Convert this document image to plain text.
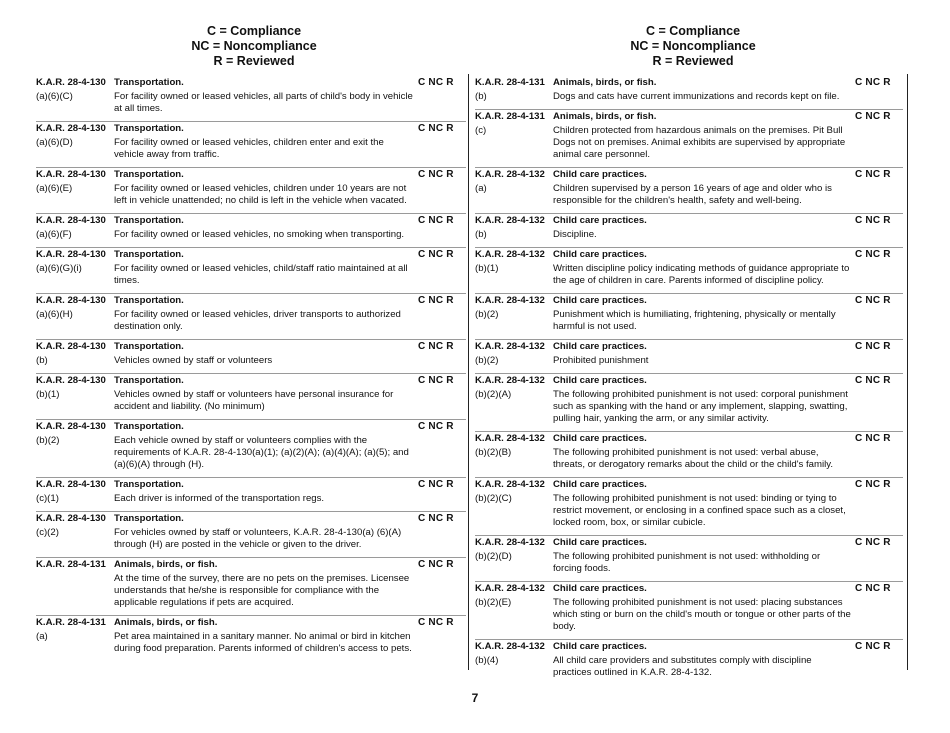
C = Compliance
NC = Noncompliance
R = Reviewed
C = Compliance
NC = Noncompliance
R = Reviewed
K.A.R. 28-4-130 Transportation.	C NC R
(a)(6)(C)	For facility owned or leased vehicles, all parts of child's body in vehicle at all times.
K.A.R. 28-4-130 Transportation.	C NC R
(a)(6)(D)	For facility owned or leased vehicles, children enter and exit the vehicle away from traffic.
K.A.R. 28-4-130 Transportation.	C NC R
(a)(6)(E)	For facility owned or leased vehicles, children under 10 years are not left in vehicle unattended; no child is left in the vehicle when vacated.
K.A.R. 28-4-130 Transportation.	C NC R
(a)(6)(F)	For facility owned or leased vehicles, no smoking when transporting.
K.A.R. 28-4-130 Transportation.	C NC R
(a)(6)(G)(i)	For facility owned or leased vehicles, child/staff ratio maintained at all times.
K.A.R. 28-4-130 Transportation.	C NC R
(a)(6)(H)	For facility owned or leased vehicles, driver transports to authorized destination only.
K.A.R. 28-4-130 Transportation.	C NC R
(b)	Vehicles owned by staff or volunteers
K.A.R. 28-4-130 Transportation.	C NC R
(b)(1)	Vehicles owned by staff or volunteers have personal insurance for accident and liability. (No minimum)
K.A.R. 28-4-130 Transportation.	C NC R
(b)(2)	Each vehicle owned by staff or volunteers complies with the requirements of K.A.R. 28-4-130(a)(1); (a)(2)(A); (a)(4)(A); (a)(5); and (a)(6)(A) through (H).
K.A.R. 28-4-130 Transportation.	C NC R
(c)(1)	Each driver is informed of the transportation regs.
K.A.R. 28-4-130 Transportation.	C NC R
(c)(2)	For vehicles owned by staff or volunteers, K.A.R. 28-4-130(a) (6)(A) through (H) are posted in the vehicle or given to the driver.
K.A.R. 28-4-131 Animals, birds, or fish.	C NC R
At the time of the survey, there are no pets on the premises. Licensee understands that he/she is responsible for compliance with the applicable regulations if pets are acquired.
K.A.R. 28-4-131 Animals, birds, or fish.	C NC R
(a)	Pet area maintained in a sanitary manner. No animal or bird in kitchen during food preparation. Parents informed of children's access to pets.
K.A.R. 28-4-131 Animals, birds, or fish.	C NC R
(b)	Dogs and cats have current immunizations and records kept on file.
K.A.R. 28-4-131 Animals, birds, or fish.	C NC R
(c)	Children protected from hazardous animals on the premises. Pit Bull Dogs not on premises. Animal exhibits are supervised by appropriate animal care personnel.
K.A.R. 28-4-132 Child care practices.	C NC R
(a)	Children supervised by a person 16 years of age and older who is responsible for the children's health, safety and well-being.
K.A.R. 28-4-132 Child care practices.	C NC R
(b)	Discipline.
K.A.R. 28-4-132 Child care practices.	C NC R
(b)(1)	Written discipline policy indicating methods of guidance appropriate to the age of children in care. Parents informed of discipline policy.
K.A.R. 28-4-132 Child care practices.	C NC R
(b)(2)	Punishment which is humiliating, frightening, physically or mentally harmful is not used.
K.A.R. 28-4-132 Child care practices.	C NC R
(b)(2)	Prohibited punishment
K.A.R. 28-4-132 Child care practices.	C NC R
(b)(2)(A)	The following prohibited punishment is not used: corporal punishment such as spanking with the hand or any implement, slapping, swatting, pulling hair, yanking the arm, or any similar activity.
K.A.R. 28-4-132 Child care practices.	C NC R
(b)(2)(B)	The following prohibited punishment is not used: verbal abuse, threats, or derogatory remarks about the child or the child's family.
K.A.R. 28-4-132 Child care practices.	C NC R
(b)(2)(C)	The following prohibited punishment is not used: binding or tying to restrict movement, or enclosing in a confined space such as a closet, locked room, box, or similar cubicle.
K.A.R. 28-4-132 Child care practices.	C NC R
(b)(2)(D)	The following prohibited punishment is not used: withholding or forcing foods.
K.A.R. 28-4-132 Child care practices.	C NC R
(b)(2)(E)	The following prohibited punishment is not used: placing substances which sting or burn on the child's mouth or tongue or other parts of the body.
K.A.R. 28-4-132 Child care practices.	C NC R
(b)(4)	All child care providers and substitutes comply with discipline practices outlined in K.A.R. 28-4-132.
7
